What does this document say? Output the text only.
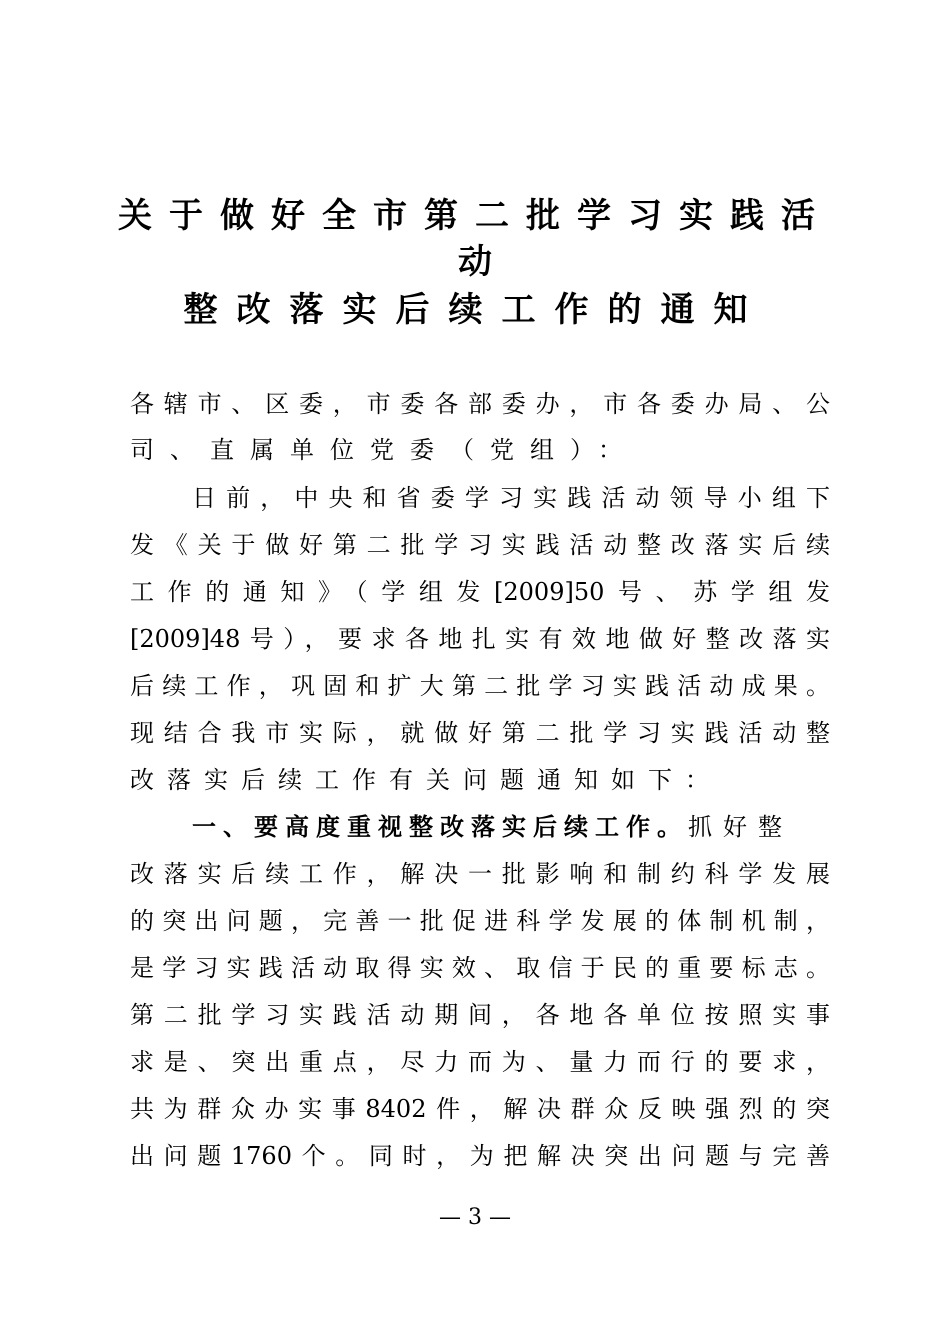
关于做好全市第二批学习实践活
动
整改落实后续工作的通知
各辖市、区委，市委各部委办，市各委办局、公
司、直属单位党委（党组）：
日前，中央和省委学习实践活动领导小组下
发《关于做好第二批学习实践活动整改落实后续
工作的通知》（学组发[2009]50号、苏学组发
[2009]48号），要求各地扎实有效地做好整改落实
后续工作，巩固和扩大第二批学习实践活动成果。
现结合我市实际，就做好第二批学习实践活动整
改落实后续工作有关问题通知如下：
一、要高度重视整改落实后续工作。抓好整
改落实后续工作，解决一批影响和制约科学发展
的突出问题，完善一批促进科学发展的体制机制，
是学习实践活动取得实效、取信于民的重要标志。
第二批学习实践活动期间，各地各单位按照实事
求是、突出重点，尽力而为、量力而行的要求，
共为群众办实事8402件，解决群众反映强烈的突
出问题1760个。同时，为把解决突出问题与完善
— 3 —
